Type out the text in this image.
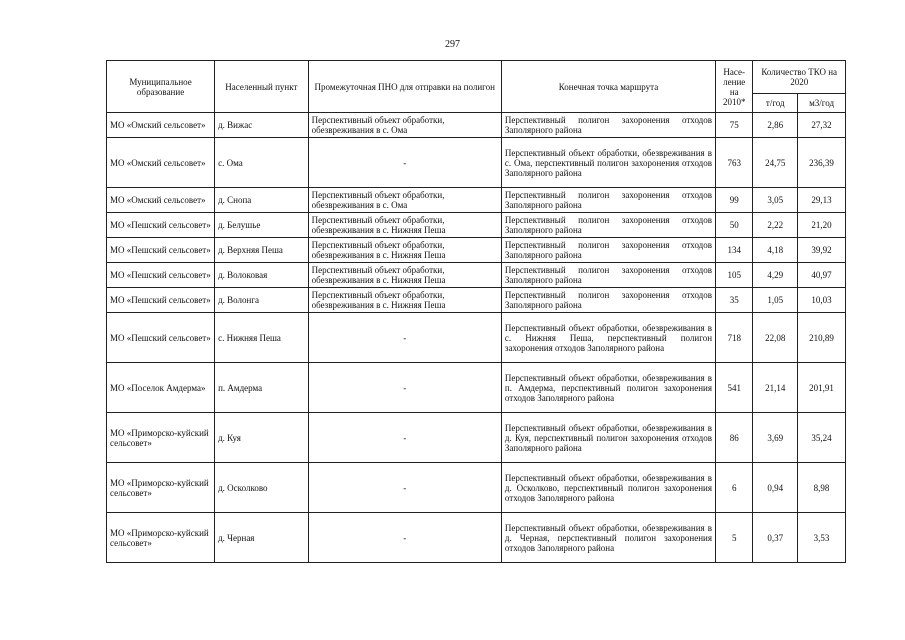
297
Муниципальное образование	Населенный пункт	Промежуточная ПНО для отправки на полигон	Конечная точка маршрута	Насе-ление на 2010*	Количество ТКО на 2020	
					т/год	м3/год
МО «Омский сельсовет»	д. Вижас	Перспективный объект обработки, обезвреживания в с. Ома	Перспективный полигон захоронения отходов Заполярного района	75	2,86	27,32
МО «Омский сельсовет»	с. Ома	-	Перспективный объект обработки, обезвреживания в с. Ома, перспективный полигон захоронения отходов Заполярного района	763	24,75	236,39
МО «Омский сельсовет»	д. Снопа	Перспективный объект обработки, обезвреживания в с. Ома	Перспективный полигон захоронения отходов Заполярного района	99	3,05	29,13
МО «Пешский сельсовет»	д. Белушье	Перспективный объект обработки, обезвреживания в с. Нижняя Пеша	Перспективный полигон захоронения отходов Заполярного района	50	2,22	21,20
МО «Пешский сельсовет»	д. Верхняя Пеша	Перспективный объект обработки, обезвреживания в с. Нижняя Пеша	Перспективный полигон захоронения отходов Заполярного района	134	4,18	39,92
МО «Пешский сельсовет»	д. Волоковая	Перспективный объект обработки, обезвреживания в с. Нижняя Пеша	Перспективный полигон захоронения отходов Заполярного района	105	4,29	40,97
МО «Пешский сельсовет»	д. Волонга	Перспективный объект обработки, обезвреживания в с. Нижняя Пеша	Перспективный полигон захоронения отходов Заполярного района	35	1,05	10,03
МО «Пешский сельсовет»	с. Нижняя Пеша	-	Перспективный объект обработки, обезвреживания в с. Нижняя Пеша, перспективный полигон захоронения отходов Заполярного района	718	22,08	210,89
МО «Поселок Амдерма»	п. Амдерма	-	Перспективный объект обработки, обезвреживания в п. Амдерма, перспективный полигон захоронения отходов Заполярного района	541	21,14	201,91
МО «Приморско-куйский сельсовет»	д. Куя	-	Перспективный объект обработки, обезвреживания в д. Куя, перспективный полигон захоронения отходов Заполярного района	86	3,69	35,24
МО «Приморско-куйский сельсовет»	д. Осколково	-	Перспективный объект обработки, обезвреживания в д. Осколково, перспективный полигон захоронения отходов Заполярного района	6	0,94	8,98
МО «Приморско-куйский сельсовет»	д. Черная	-	Перспективный объект обработки, обезвреживания в д. Черная, перспективный полигон захоронения отходов Заполярного района	5	0,37	3,53
